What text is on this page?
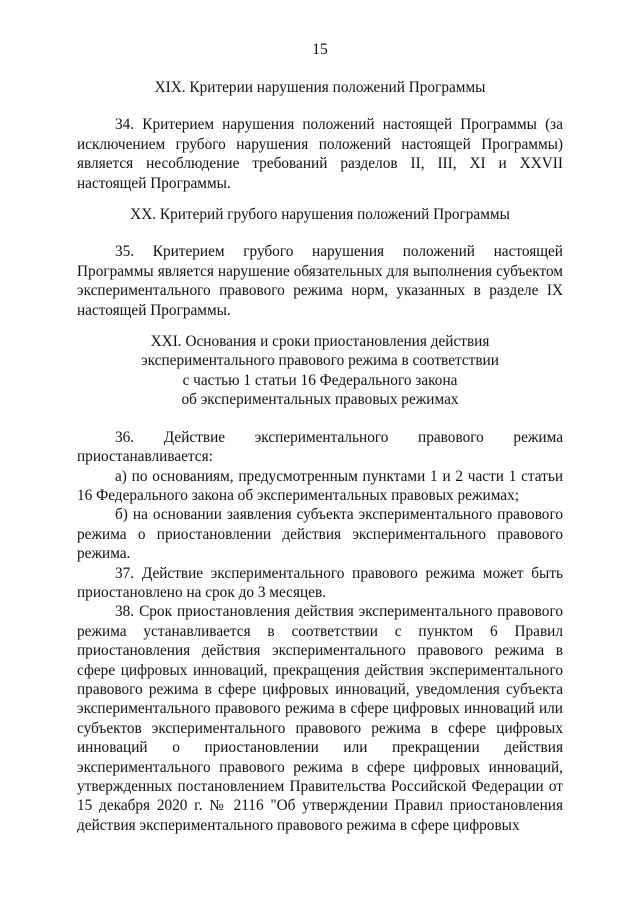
15

XIX. Критерии нарушения положений Программы

34. Критерием нарушения положений настоящей Программы (за исключением грубого нарушения положений настоящей Программы) является несоблюдение требований разделов II, III, XI и XXVII настоящей Программы.

XX. Критерий грубого нарушения положений Программы

35. Критерием грубого нарушения положений настоящей Программы является нарушение обязательных для выполнения субъектом экспериментального правового режима норм, указанных в разделе IX настоящей Программы.

XXI. Основания и сроки приостановления действия
экспериментального правового режима в соответствии
с частью 1 статьи 16 Федерального закона
об экспериментальных правовых режимах

36. Действие экспериментального правового режима приостанавливается:

а) по основаниям, предусмотренным пунктами 1 и 2 части 1 статьи 16 Федерального закона об экспериментальных правовых режимах;

б) на основании заявления субъекта экспериментального правового режима о приостановлении действия экспериментального правового режима.

37. Действие экспериментального правового режима может быть приостановлено на срок до 3 месяцев.

38. Срок приостановления действия экспериментального правового режима устанавливается в соответствии с пунктом 6 Правил приостановления действия экспериментального правового режима в сфере цифровых инноваций, прекращения действия экспериментального правового режима в сфере цифровых инноваций, уведомления субъекта экспериментального правового режима в сфере цифровых инноваций или субъектов экспериментального правового режима в сфере цифровых инноваций о приостановлении или прекращении действия экспериментального правового режима в сфере цифровых инноваций, утвержденных постановлением Правительства Российской Федерации от 15 декабря 2020 г. № 2116 "Об утверждении Правил приостановления действия экспериментального правового режима в сфере цифровых
